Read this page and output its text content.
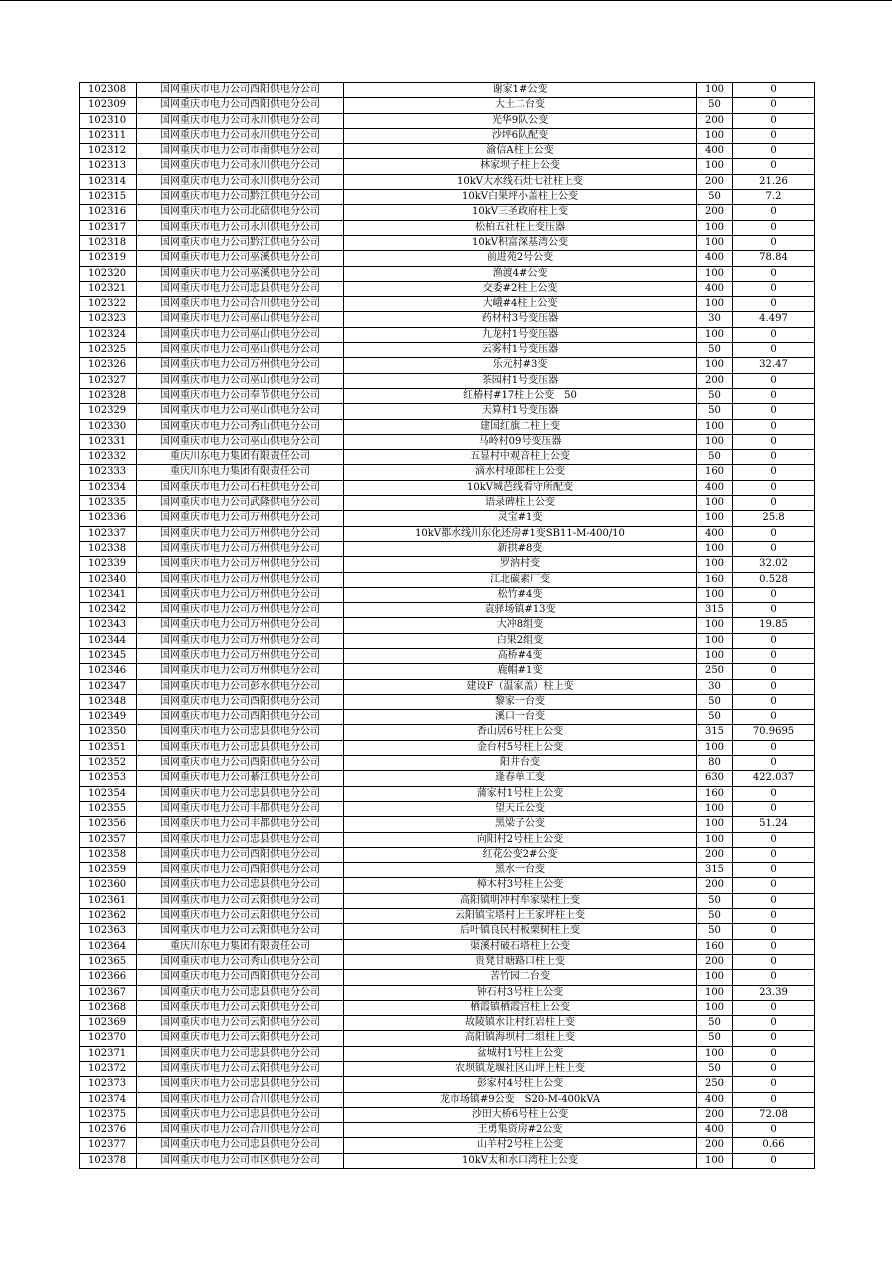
102308	国网重庆市电力公司酉阳供电分公司	谢家1#公变	100	0
102309	国网重庆市电力公司酉阳供电分公司	大土二台变	50	0
102310	国网重庆市电力公司永川供电分公司	光华9队公变	200	0
102311	国网重庆市电力公司永川供电分公司	沙坪6队配变	100	0
102312	国网重庆市电力公司市南供电分公司	渝信A柱上公变	400	0
102313	国网重庆市电力公司永川供电分公司	林家坝子柱上公变	100	0
102314	国网重庆市电力公司永川供电分公司	10kV大水线石灶七社柱上变	200	21.26
102315	国网重庆市电力公司黔江供电分公司	10kV白果坪小盖柱上公变	50	7.2
102316	国网重庆市电力公司北碚供电分公司	10kV三圣政府柱上变	200	0
102317	国网重庆市电力公司永川供电分公司	松柏五社柱上变压器	100	0
102318	国网重庆市电力公司黔江供电分公司	10kV积富深基湾公变	100	0
102319	国网重庆市电力公司巫溪供电分公司	前进苑2号公变	400	78.84
102320	国网重庆市电力公司巫溪供电分公司	渔渡4#公变	100	0
102321	国网重庆市电力公司忠县供电分公司	交委#2柱上公变	400	0
102322	国网重庆市电力公司合川供电分公司	大峨#4柱上公变	100	0
102323	国网重庆市电力公司巫山供电分公司	药材村3号变压器	30	4.497
102324	国网重庆市电力公司巫山供电分公司	九龙村1号变压器	100	0
102325	国网重庆市电力公司巫山供电分公司	云雾村1号变压器	50	0
102326	国网重庆市电力公司万州供电分公司	乐元村#3变	100	32.47
102327	国网重庆市电力公司巫山供电分公司	茶园村1号变压器	200	0
102328	国网重庆市电力公司奉节供电分公司	红椿村#17柱上公变　50	50	0
102329	国网重庆市电力公司巫山供电分公司	天算村1号变压器	50	0
102330	国网重庆市电力公司秀山供电分公司	建国红旗二柱上变	100	0
102331	国网重庆市电力公司巫山供电分公司	马岭村09号变压器	100	0
102332	重庆川东电力集团有限责任公司	五显村中观音柱上公变	50	0
102333	重庆川东电力集团有限责任公司	滴水村垭郎柱上公变	160	0
102334	国网重庆市电力公司石柱供电分公司	10kV城芭线看守所配变	400	0
102335	国网重庆市电力公司武隆供电分公司	语录碑柱上公变	100	0
102336	国网重庆市电力公司万州供电分公司	灵宝#1变	100	25.8
102337	国网重庆市电力公司万州供电分公司	10kV都水线川东化还房#1变SB11-M-400/10	400	0
102338	国网重庆市电力公司万州供电分公司	新拱#8变	100	0
102339	国网重庆市电力公司万州供电分公司	罗汭村变	100	32.02
102340	国网重庆市电力公司万州供电分公司	江北碳素厂变	160	0.528
102341	国网重庆市电力公司万州供电分公司	松竹#4变	100	0
102342	国网重庆市电力公司万州供电分公司	袁驿场镇#13变	315	0
102343	国网重庆市电力公司万州供电分公司	大冲8组变	100	19.85
102344	国网重庆市电力公司万州供电分公司	白果2组变	100	0
102345	国网重庆市电力公司万州供电分公司	高桥#4变	100	0
102346	国网重庆市电力公司万州供电分公司	鹿帽#1变	250	0
102347	国网重庆市电力公司彭水供电分公司	建设F（温家盖）柱上变	30	0
102348	国网重庆市电力公司酉阳供电分公司	黎家一台变	50	0
102349	国网重庆市电力公司酉阳供电分公司	溪口一台变	50	0
102350	国网重庆市电力公司忠县供电分公司	香山居6号柱上公变	315	70.9695
102351	国网重庆市电力公司忠县供电分公司	金台村5号柱上公变	100	0
102352	国网重庆市电力公司酉阳供电分公司	阳井台变	80	0
102353	国网重庆市电力公司綦江供电分公司	逢春单工变	630	422.037
102354	国网重庆市电力公司忠县供电分公司	蒲家村1号柱上公变	160	0
102355	国网重庆市电力公司丰都供电分公司	望天丘公变	100	0
102356	国网重庆市电力公司丰都供电分公司	黑梁子公变	100	51.24
102357	国网重庆市电力公司忠县供电分公司	向阳村2号柱上公变	100	0
102358	国网重庆市电力公司酉阳供电分公司	红花公变2#公变	200	0
102359	国网重庆市电力公司酉阳供电分公司	黑水一台变	315	0
102360	国网重庆市电力公司忠县供电分公司	樟木村3号柱上公变	200	0
102361	国网重庆市电力公司云阳供电分公司	高阳镇明冲村牟家梁柱上变	50	0
102362	国网重庆市电力公司云阳供电分公司	云阳镇宝塔村上王家坪柱上变	50	0
102363	国网重庆市电力公司云阳供电分公司	后叶镇良民村板栗树柱上变	50	0
102364	重庆川东电力集团有限责任公司	渠溪村破石塔柱上公变	160	0
102365	国网重庆市电力公司秀山供电分公司	贵凳甘塘路口柱上变	200	0
102366	国网重庆市电力公司酉阳供电分公司	苦竹园二台变	100	0
102367	国网重庆市电力公司忠县供电分公司	钟石村3号柱上公变	100	23.39
102368	国网重庆市电力公司云阳供电分公司	栖霞镇栖霞宫柱上公变	100	0
102369	国网重庆市电力公司云阳供电分公司	故陵镇水让村红岩柱上变	50	0
102370	国网重庆市电力公司云阳供电分公司	高阳镇海坝村二组柱上变	50	0
102371	国网重庆市电力公司忠县供电分公司	盆城村1号柱上公变	100	0
102372	国网重庆市电力公司云阳供电分公司	农坝镇龙堰社区山坪上柱上变	50	0
102373	国网重庆市电力公司忠县供电分公司	彭家村4号柱上公变	250	0
102374	国网重庆市电力公司合川供电分公司	龙市场镇#9公变　S20-M-400kVA	400	0
102375	国网重庆市电力公司忠县供电分公司	沙田大桥6号柱上公变	200	72.08
102376	国网重庆市电力公司合川供电分公司	王勇集资房#2公变	400	0
102377	国网重庆市电力公司忠县供电分公司	山羊村2号柱上公变	200	0.66
102378	国网重庆市电力公司市区供电分公司	10kV太和水口湾柱上公变	100	0
